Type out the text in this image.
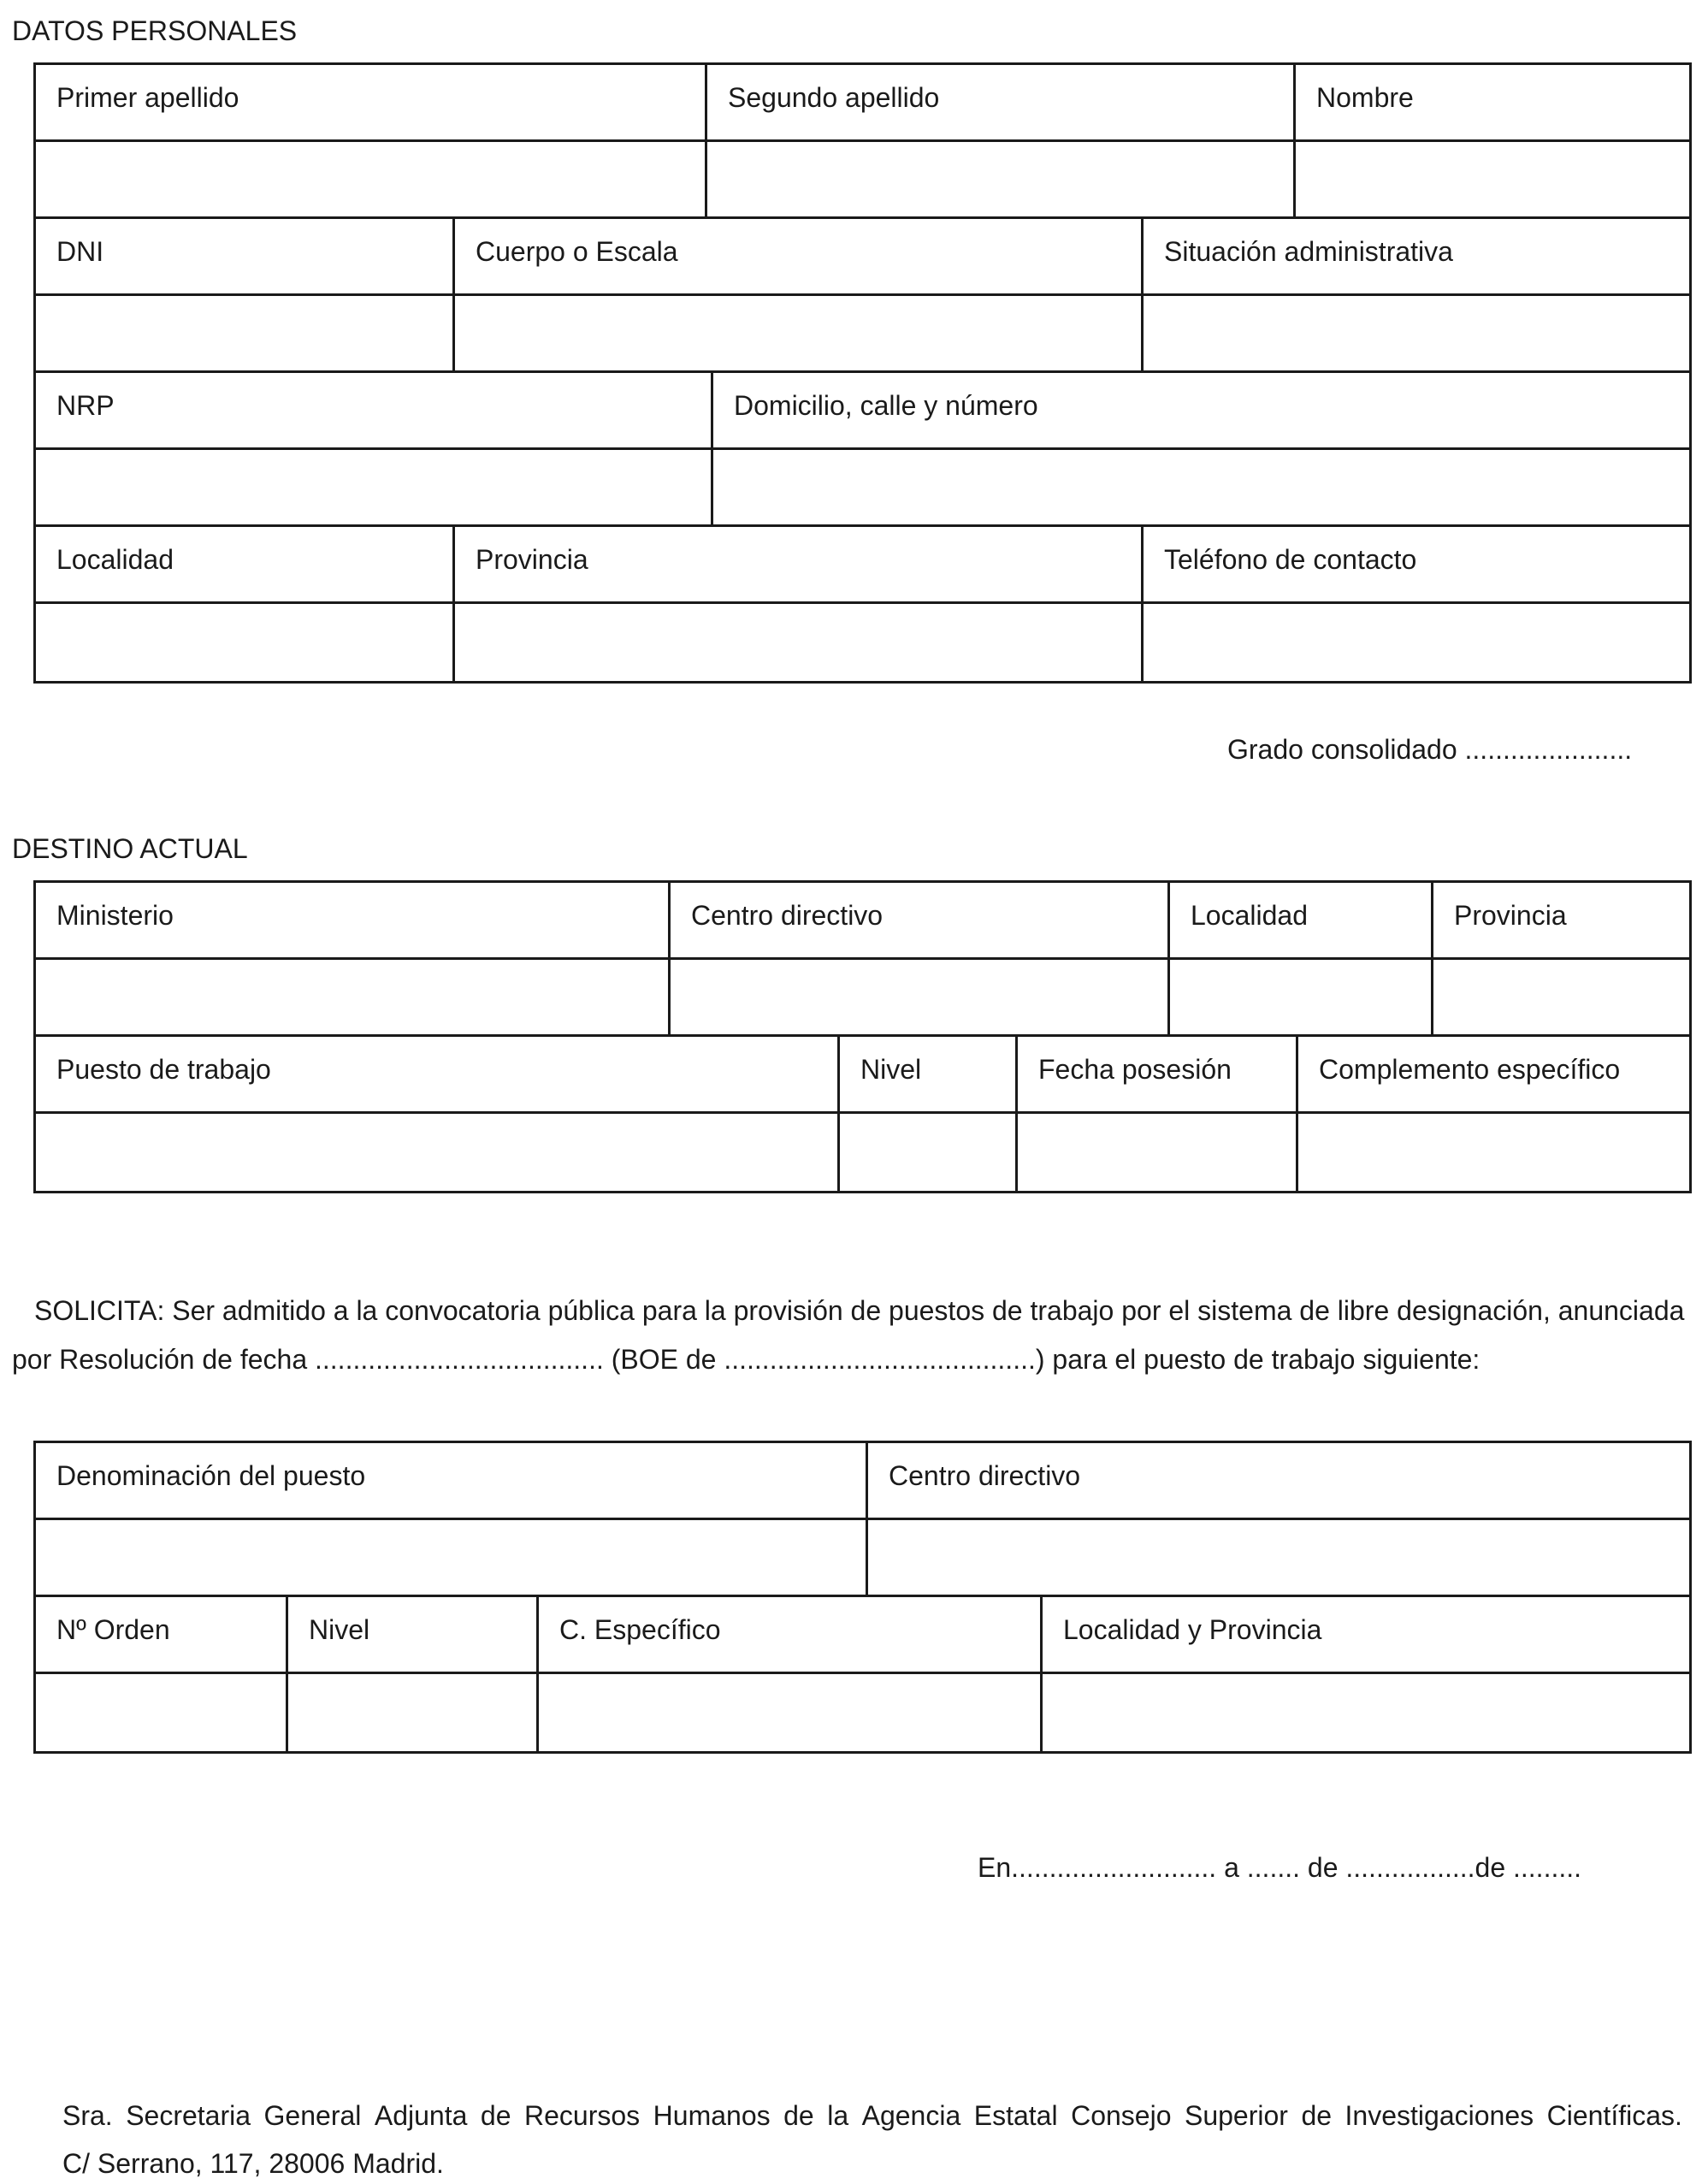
DATOS PERSONALES
Primer apellido	Segundo apellido	Nombre
DNI	Cuerpo o Escala	Situación administrativa
NRP	Domicilio, calle y número
Localidad	Provincia	Teléfono de contacto
Grado consolidado ......................
DESTINO ACTUAL
Ministerio	Centro directivo	Localidad	Provincia
Puesto de trabajo	Nivel	Fecha posesión	Complemento específico
SOLICITA: Ser admitido a la convocatoria pública para la provisión de puestos de trabajo por el sistema de libre designación, anunciada
por Resolución de fecha ...................................... (BOE de .........................................) para el puesto de trabajo siguiente:
Denominación del puesto	Centro directivo
Nº Orden	Nivel	C. Específico	Localidad y Provincia
En........................... a ....... de .................de .........
Sra. Secretaria General Adjunta de Recursos Humanos de la Agencia Estatal Consejo Superior de Investigaciones Científicas.
C/ Serrano, 117, 28006 Madrid.
